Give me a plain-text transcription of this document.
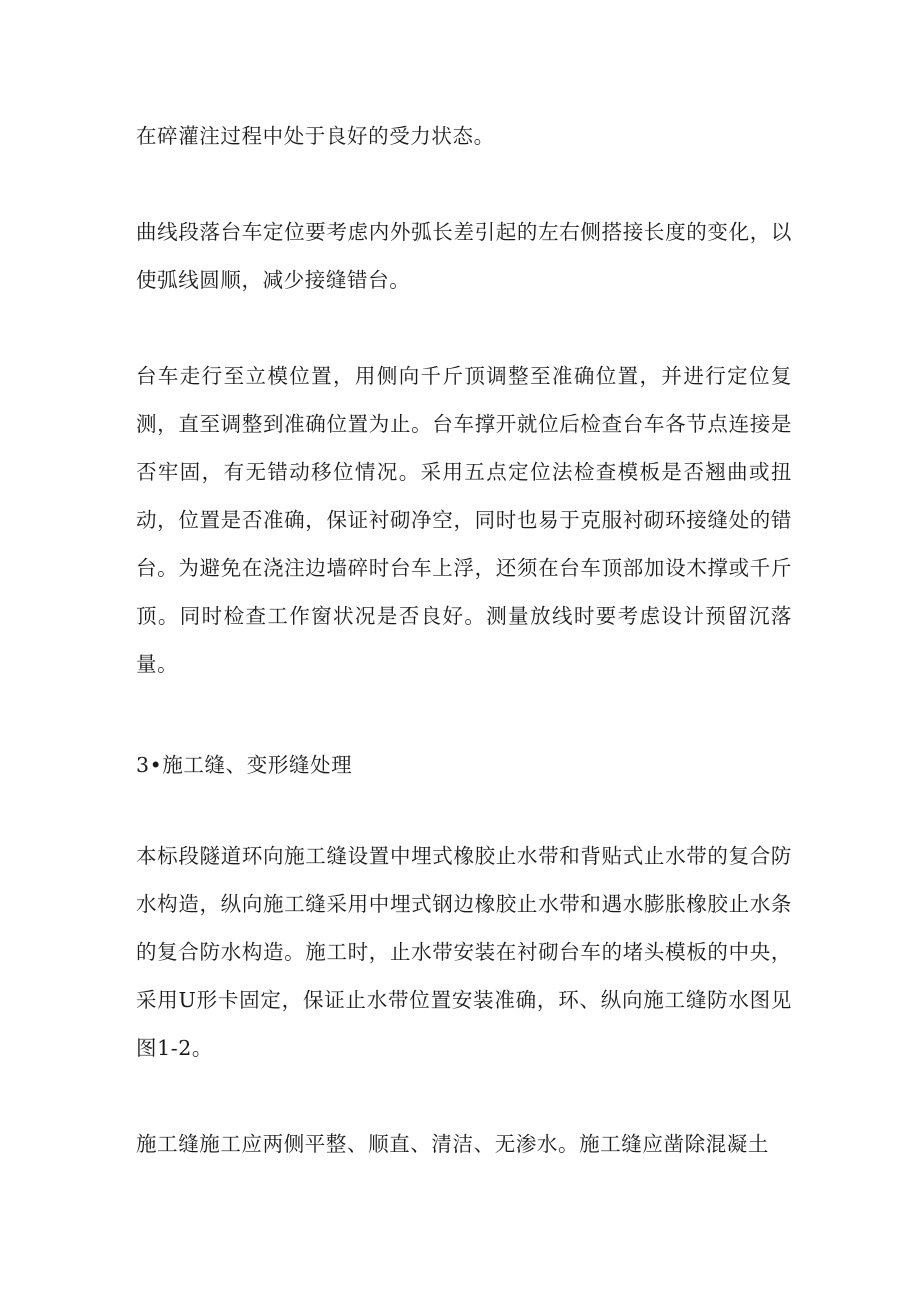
在碎灌注过程中处于良好的受力状态。

曲线段落台车定位要考虑内外弧长差引起的左右侧搭接长度的变化，以使弧线圆顺，减少接缝错台。

台车走行至立模位置，用侧向千斤顶调整至准确位置，并进行定位复测，直至调整到准确位置为止。台车撑开就位后检查台车各节点连接是否牢固，有无错动移位情况。采用五点定位法检查模板是否翘曲或扭动，位置是否准确，保证衬砌净空，同时也易于克服衬砌环接缝处的错台。为避免在浇注边墙碎时台车上浮，还须在台车顶部加设木撑或千斤顶。同时检查工作窗状况是否良好。测量放线时要考虑设计预留沉落量。

3•施工缝、变形缝处理

本标段隧道环向施工缝设置中埋式橡胶止水带和背贴式止水带的复合防水构造，纵向施工缝采用中埋式钢边橡胶止水带和遇水膨胀橡胶止水条的复合防水构造。施工时，止水带安装在衬砌台车的堵头模板的中央，采用U形卡固定，保证止水带位置安装准确，环、纵向施工缝防水图见图1-2。

施工缝施工应两侧平整、顺直、清洁、无渗水。施工缝应凿除混凝土
